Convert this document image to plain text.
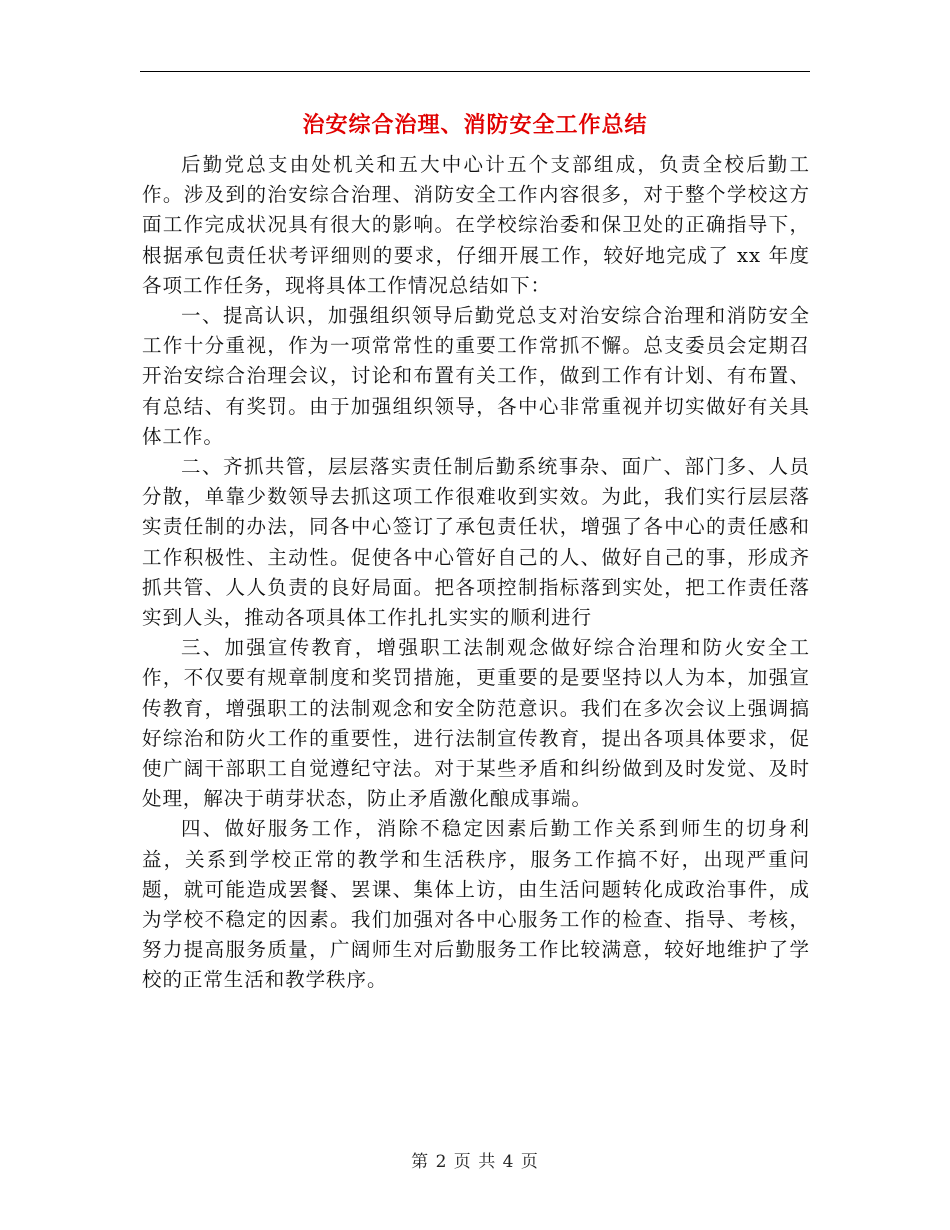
治安综合治理、消防安全工作总结

后勤党总支由处机关和五大中心计五个支部组成，负责全校后勤工作。涉及到的治安综合治理、消防安全工作内容很多，对于整个学校这方面工作完成状况具有很大的影响。在学校综治委和保卫处的正确指导下，根据承包责任状考评细则的要求，仔细开展工作，较好地完成了 xx 年度各项工作任务，现将具体工作情况总结如下：

一、提高认识，加强组织领导后勤党总支对治安综合治理和消防安全工作十分重视，作为一项常常性的重要工作常抓不懈。总支委员会定期召开治安综合治理会议，讨论和布置有关工作，做到工作有计划、有布置、有总结、有奖罚。由于加强组织领导，各中心非常重视并切实做好有关具体工作。

二、齐抓共管，层层落实责任制后勤系统事杂、面广、部门多、人员分散，单靠少数领导去抓这项工作很难收到实效。为此，我们实行层层落实责任制的办法，同各中心签订了承包责任状，增强了各中心的责任感和工作积极性、主动性。促使各中心管好自己的人、做好自己的事，形成齐抓共管、人人负责的良好局面。把各项控制指标落到实处，把工作责任落实到人头，推动各项具体工作扎扎实实的顺利进行

三、加强宣传教育，增强职工法制观念做好综合治理和防火安全工作，不仅要有规章制度和奖罚措施，更重要的是要坚持以人为本，加强宣传教育，增强职工的法制观念和安全防范意识。我们在多次会议上强调搞好综治和防火工作的重要性，进行法制宣传教育，提出各项具体要求，促使广阔干部职工自觉遵纪守法。对于某些矛盾和纠纷做到及时发觉、及时处理，解决于萌芽状态，防止矛盾激化酿成事端。

四、做好服务工作，消除不稳定因素后勤工作关系到师生的切身利益，关系到学校正常的教学和生活秩序，服务工作搞不好，出现严重问题，就可能造成罢餐、罢课、集体上访，由生活问题转化成政治事件，成为学校不稳定的因素。我们加强对各中心服务工作的检查、指导、考核，努力提高服务质量，广阔师生对后勤服务工作比较满意，较好地维护了学校的正常生活和教学秩序。

第 2 页 共 4 页
